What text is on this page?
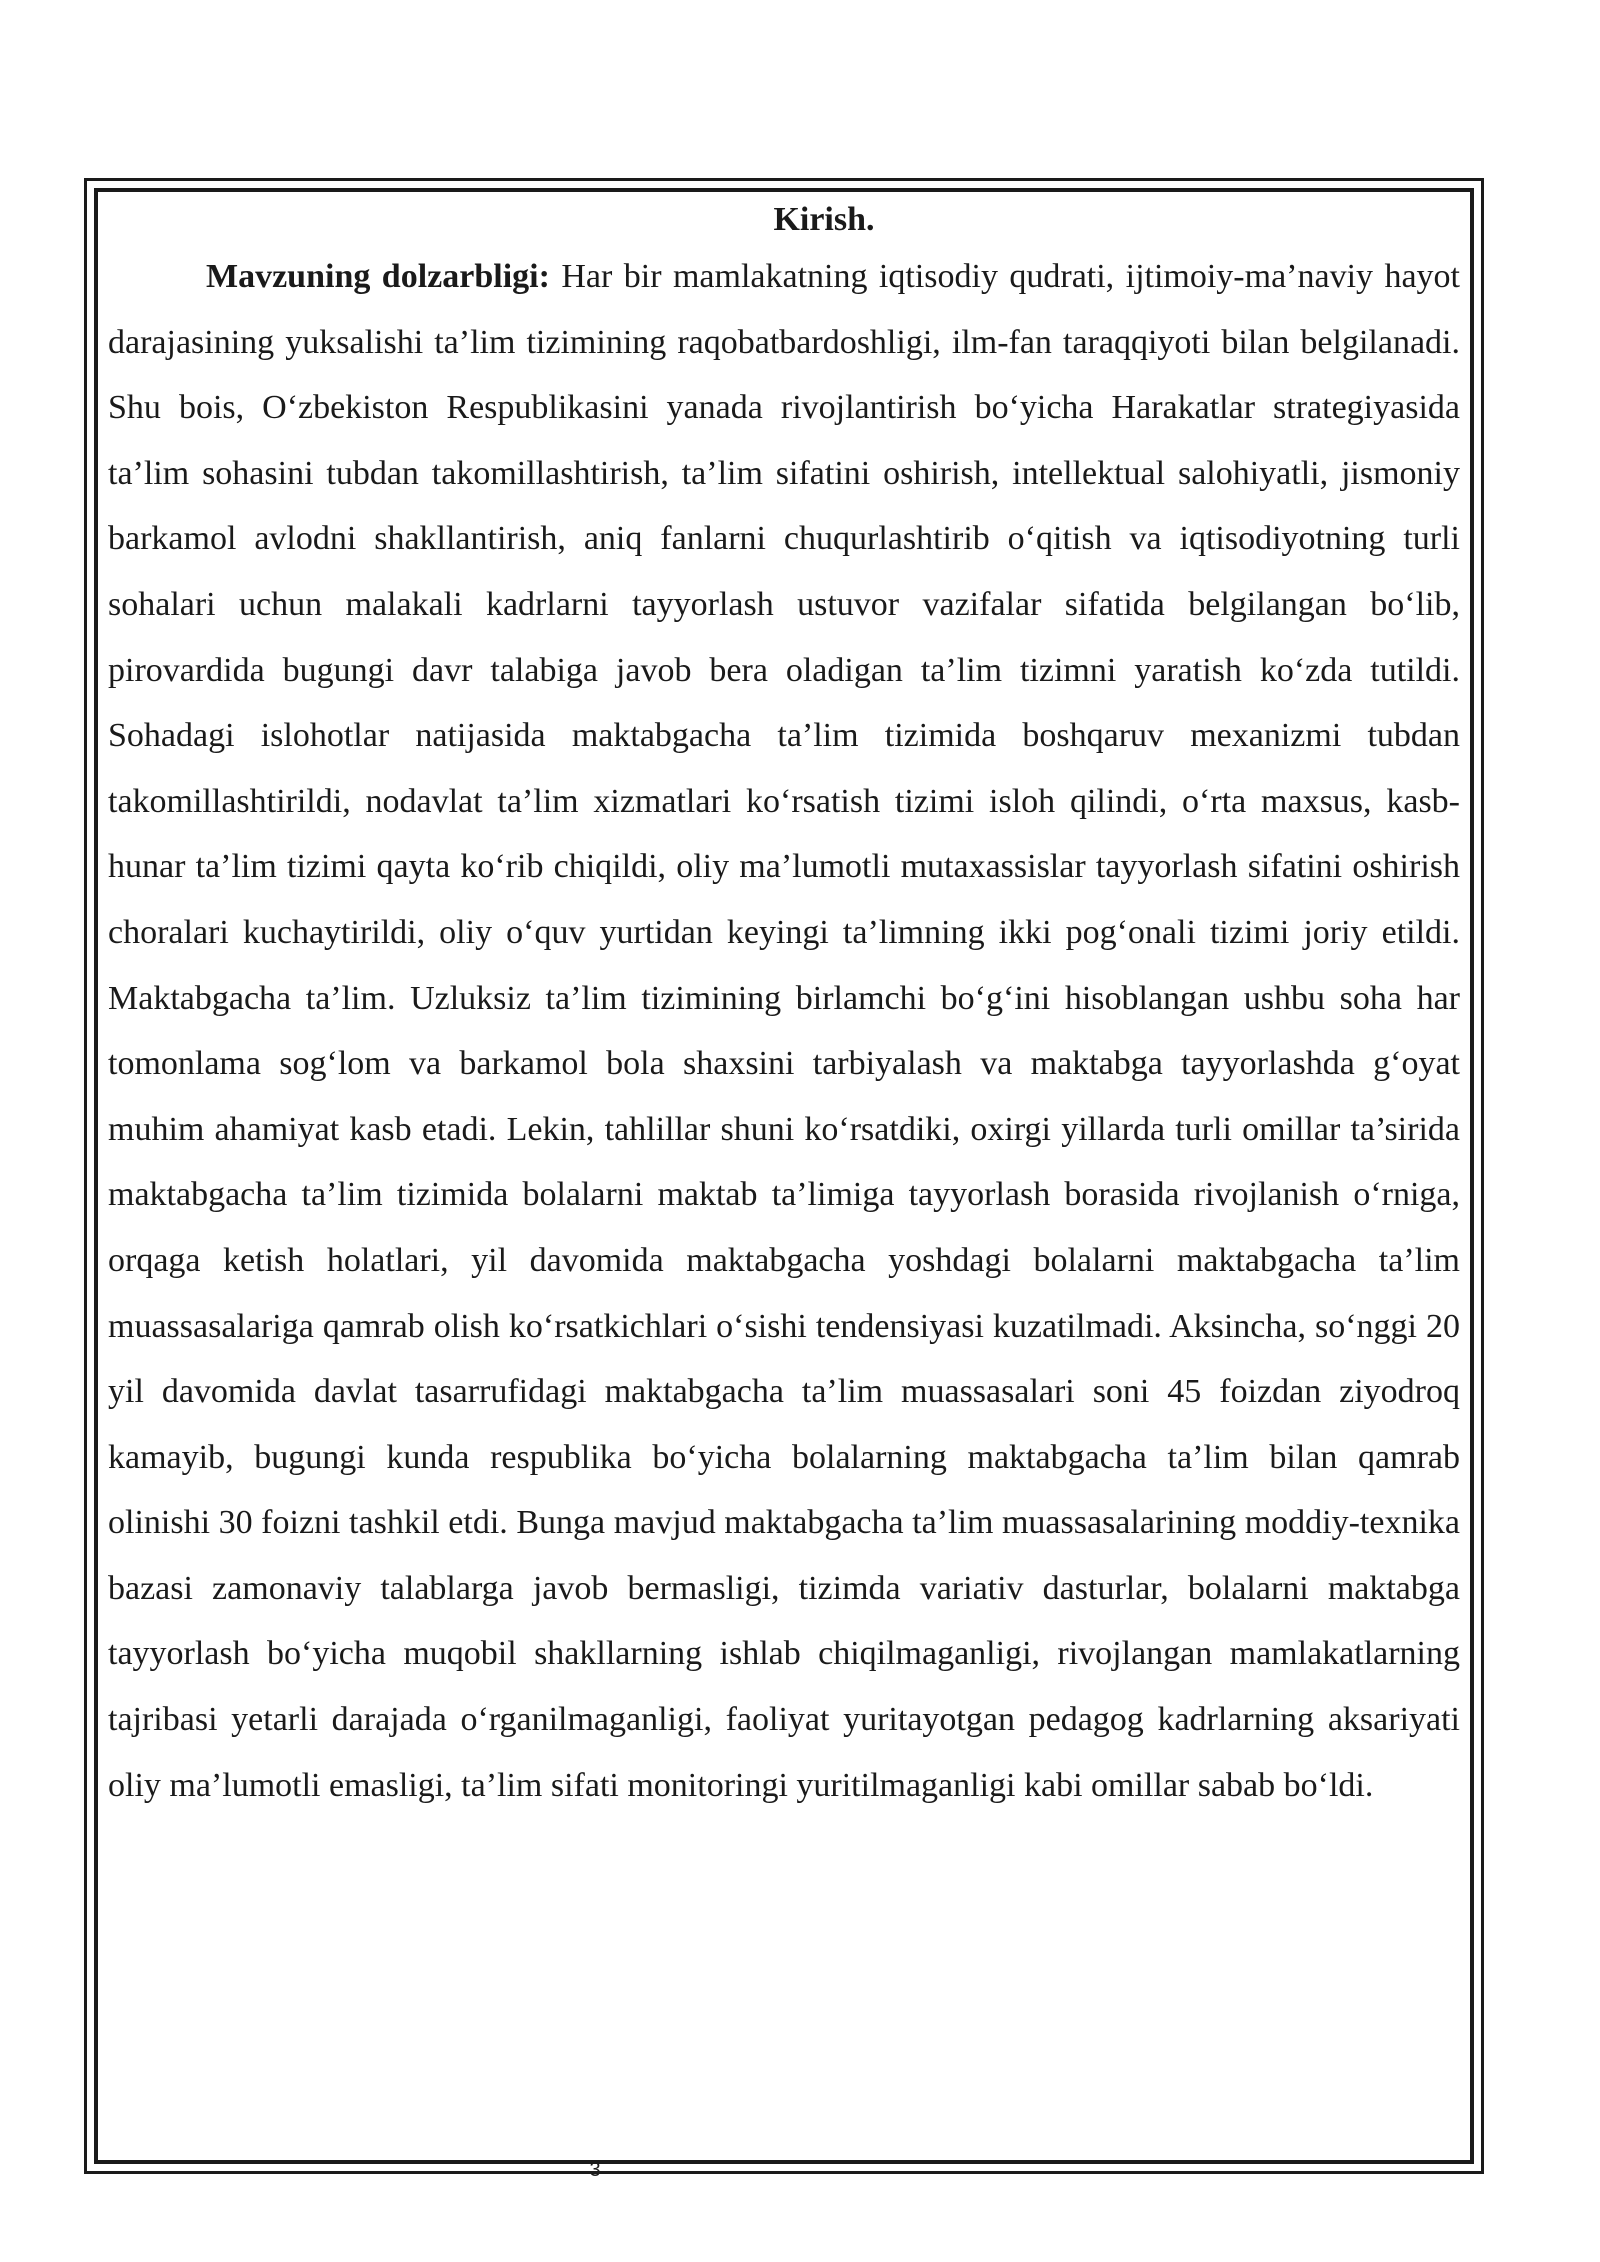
Kirish.

Mavzuning dolzarbligi: Har bir mamlakatning iqtisodiy qudrati, ijtimoiy-ma’naviy hayot darajasining yuksalishi ta’lim tizimining raqobatbardoshligi, ilm-fan taraqqiyoti bilan belgilanadi. Shu bois, O‘zbekiston Respublikasini yanada rivojlantirish bo‘yicha Harakatlar strategiyasida ta’lim sohasini tubdan takomillashtirish, ta’lim sifatini oshirish, intellektual salohiyatli, jismoniy barkamol avlodni shakllantirish, aniq fanlarni chuqurlashtirib o‘qitish va iqtisodiyotning turli sohalari uchun malakali kadrlarni tayyorlash ustuvor vazifalar sifatida belgilangan bo‘lib, pirovardida bugungi davr talabiga javob bera oladigan ta’lim tizimni yaratish ko‘zda tutildi. Sohadagi islohotlar natijasida maktabgacha ta’lim tizimida boshqaruv mexanizmi tubdan takomillashtirildi, nodavlat ta’lim xizmatlari ko‘rsatish tizimi isloh qilindi, o‘rta maxsus, kasb-hunar ta’lim tizimi qayta ko‘rib chiqildi, oliy ma’lumotli mutaxassislar tayyorlash sifatini oshirish choralari kuchaytirildi, oliy o‘quv yurtidan keyingi ta’limning ikki pog‘onali tizimi joriy etildi. Maktabgacha ta’lim. Uzluksiz ta’lim tizimining birlamchi bo‘g‘ini hisoblangan ushbu soha har tomonlama sog‘lom va barkamol bola shaxsini tarbiyalash va maktabga tayyorlashda g‘oyat muhim ahamiyat kasb etadi. Lekin, tahlillar shuni ko‘rsatdiki, oxirgi yillarda turli omillar ta’sirida maktabgacha ta’lim tizimida bolalarni maktab ta’limiga tayyorlash borasida rivojlanish o‘rniga, orqaga ketish holatlari, yil davomida maktabgacha yoshdagi bolalarni maktabgacha ta’lim muassasalariga qamrab olish ko‘rsatkichlari o‘sishi tendensiyasi kuzatilmadi. Aksincha, so‘nggi 20 yil davomida davlat tasarrufidagi maktabgacha ta’lim muassasalari soni 45 foizdan ziyodroq kamayib, bugungi kunda respublika bo‘yicha bolalarning maktabgacha ta’lim bilan qamrab olinishi 30 foizni tashkil etdi. Bunga mavjud maktabgacha ta’lim muassasalarining moddiy-texnika bazasi zamonaviy talablarga javob bermasligi, tizimda variativ dasturlar, bolalarni maktabga tayyorlash bo‘yicha muqobil shakllarning ishlab chiqilmaganligi, rivojlangan mamlakatlarning tajribasi yetarli darajada o‘rganilmaganligi, faoliyat yuritayotgan pedagog kadrlarning aksariyati oliy ma’lumotli emasligi, ta’lim sifati monitoringi yuritilmaganligi kabi omillar sabab bo‘ldi.

3
